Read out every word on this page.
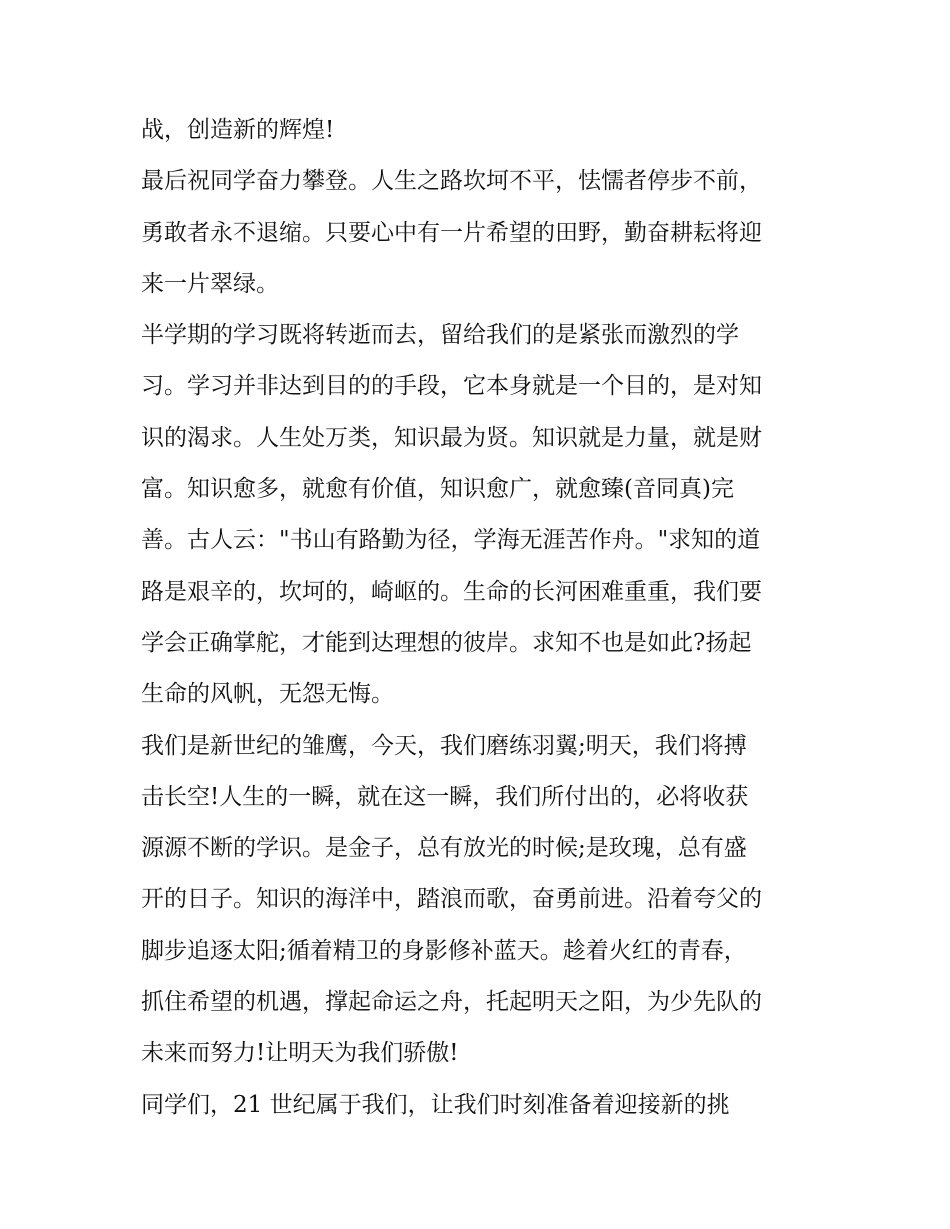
战，创造新的辉煌!
最后祝同学奋力攀登。人生之路坎坷不平，怯懦者停步不前，
勇敢者永不退缩。只要心中有一片希望的田野，勤奋耕耘将迎
来一片翠绿。
半学期的学习既将转逝而去，留给我们的是紧张而激烈的学
习。学习并非达到目的的手段，它本身就是一个目的，是对知
识的渴求。人生处万类，知识最为贤。知识就是力量，就是财
富。知识愈多，就愈有价值，知识愈广，就愈臻(音同真)完
善。古人云："书山有路勤为径，学海无涯苦作舟。"求知的道
路是艰辛的，坎坷的，崎岖的。生命的长河困难重重，我们要
学会正确掌舵，才能到达理想的彼岸。求知不也是如此?扬起
生命的风帆，无怨无悔。
我们是新世纪的雏鹰，今天，我们磨练羽翼;明天，我们将搏
击长空!人生的一瞬，就在这一瞬，我们所付出的，必将收获
源源不断的学识。是金子，总有放光的时候;是玫瑰，总有盛
开的日子。知识的海洋中，踏浪而歌，奋勇前进。沿着夸父的
脚步追逐太阳;循着精卫的身影修补蓝天。趁着火红的青春，
抓住希望的机遇，撑起命运之舟，托起明天之阳，为少先队的
未来而努力!让明天为我们骄傲!
同学们，21 世纪属于我们，让我们时刻准备着迎接新的挑
